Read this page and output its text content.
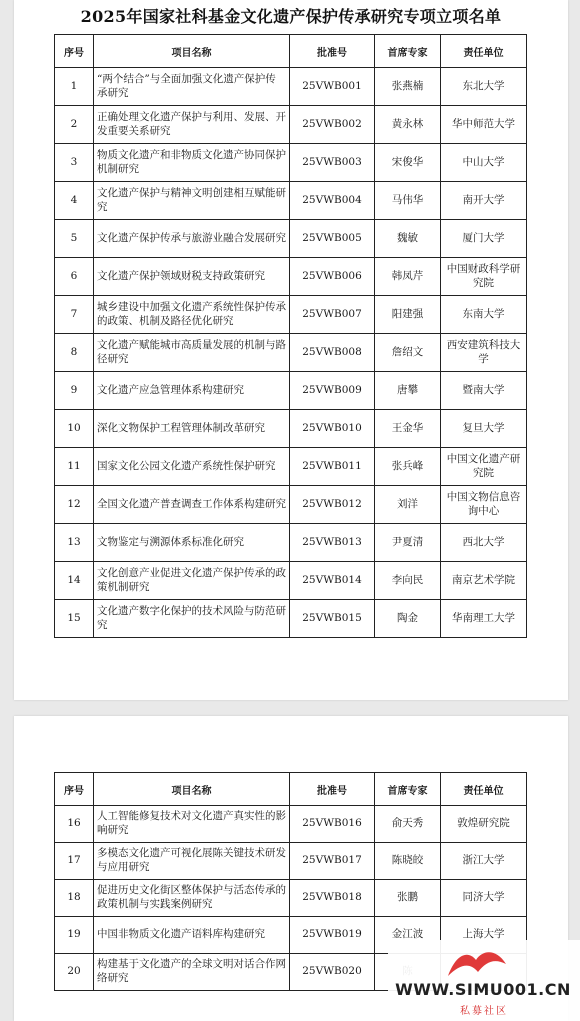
2025年国家社科基金文化遗产保护传承研究专项立项名单
序号	项目名称	批准号	首席专家	责任单位
1	“两个结合”与全面加强文化遗产保护传承研究	25VWB001	张燕楠	东北大学
2	正确处理文化遗产保护与利用、发展、开发重要关系研究	25VWB002	黄永林	华中师范大学
3	物质文化遗产和非物质文化遗产协同保护机制研究	25VWB003	宋俊华	中山大学
4	文化遗产保护与精神文明创建相互赋能研究	25VWB004	马伟华	南开大学
5	文化遗产保护传承与旅游业融合发展研究	25VWB005	魏敏	厦门大学
6	文化遗产保护领域财税支持政策研究	25VWB006	韩凤芹	中国财政科学研究院
7	城乡建设中加强文化遗产系统性保护传承的政策、机制及路径优化研究	25VWB007	阳建强	东南大学
8	文化遗产赋能城市高质量发展的机制与路径研究	25VWB008	詹绍文	西安建筑科技大学
9	文化遗产应急管理体系构建研究	25VWB009	唐攀	暨南大学
10	深化文物保护工程管理体制改革研究	25VWB010	王金华	复旦大学
11	国家文化公园文化遗产系统性保护研究	25VWB011	张兵峰	中国文化遗产研究院
12	全国文化遗产普查调查工作体系构建研究	25VWB012	刘洋	中国文物信息咨询中心
13	文物鉴定与溯源体系标准化研究	25VWB013	尹夏清	西北大学
14	文化创意产业促进文化遗产保护传承的政策机制研究	25VWB014	李向民	南京艺术学院
15	文化遗产数字化保护的技术风险与防范研究	25VWB015	陶金	华南理工大学
序号	项目名称	批准号	首席专家	责任单位
16	人工智能修复技术对文化遗产真实性的影响研究	25VWB016	俞天秀	敦煌研究院
17	多模态文化遗产可视化展陈关键技术研发与应用研究	25VWB017	陈晓皎	浙江大学
18	促进历史文化街区整体保护与活态传承的政策机制与实践案例研究	25VWB018	张鹏	同济大学
19	中国非物质文化遗产语料库构建研究	25VWB019	金江波	上海大学
20	构建基于文化遗产的全球文明对话合作网络研究	25VWB020		
WWW.SIMU001.CN
私募社区
